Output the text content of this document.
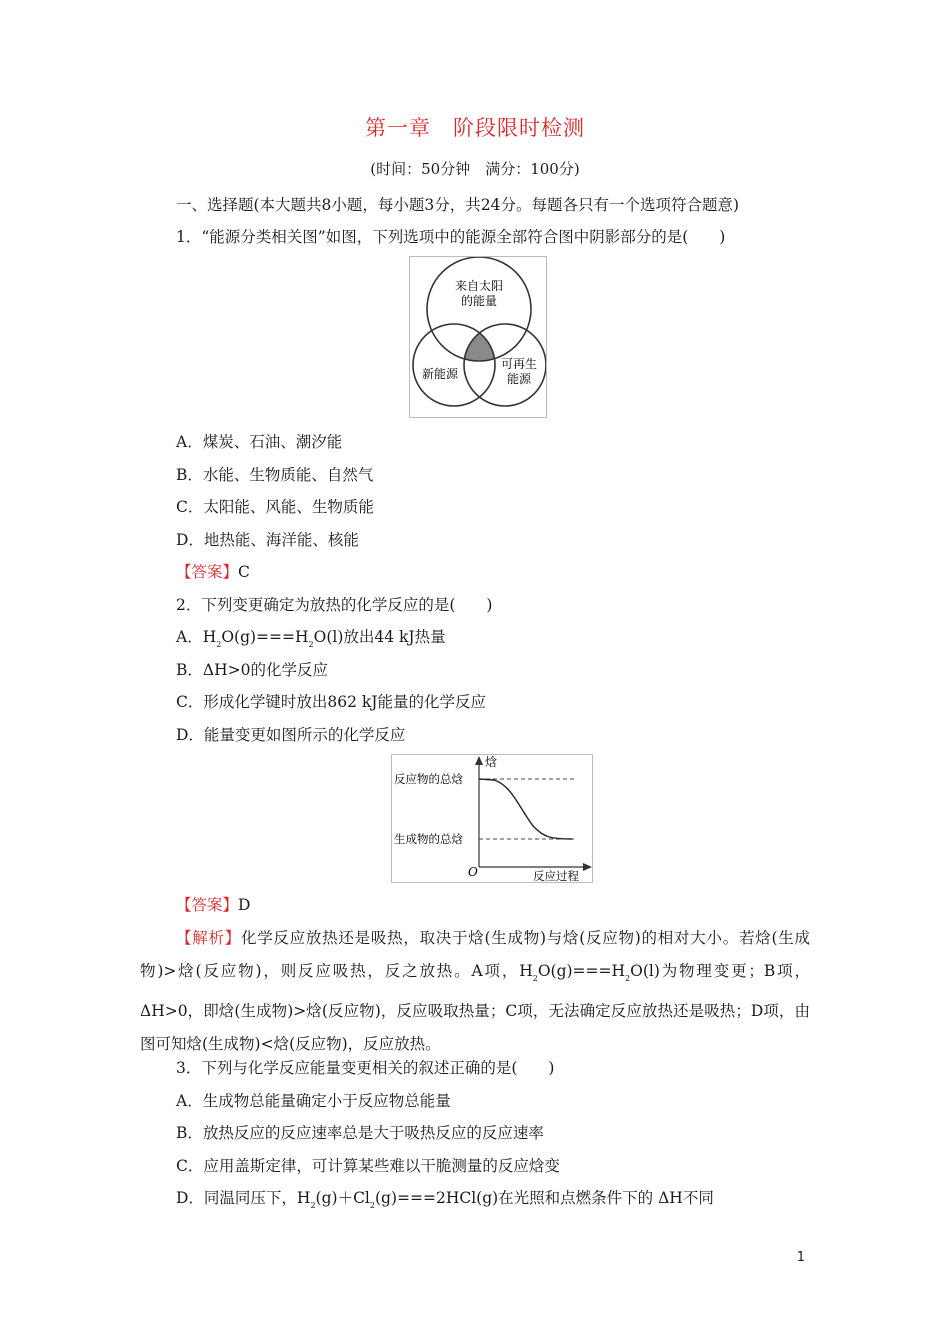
第一章　阶段限时检测
(时间：50分钟　满分：100分)
一、选择题(本大题共8小题，每小题3分，共24分。每题各只有一个选项符合题意)
1．“能源分类相关图”如图，下列选项中的能源全部符合图中阴影部分的是(　　)
来自太阳
的能量
新能源
可再生
能源
A．煤炭、石油、潮汐能
B．水能、生物质能、自然气
C．太阳能、风能、生物质能
D．地热能、海洋能、核能
【答案】C
2．下列变更确定为放热的化学反应的是(　　)
A．$H_2O(g)===H_2O(l)$放出44 kJ热量
B．ΔH>0的化学反应
C．形成化学键时放出862 kJ能量的化学反应
D．能量变更如图所示的化学反应
焓
反应物的总焓
生成物的总焓
O	反应过程
【答案】D
【解析】化学反应放热还是吸热，取决于焓(生成物)与焓(反应物)的相对大小。若焓(生成物)>焓(反应物)，则反应吸热，反之放热。A项，$H_2O(g)===H_2O(l)$为物理变更；B项，ΔH>0，即焓(生成物)>焓(反应物)，反应吸取热量；C项，无法确定反应放热还是吸热；D项，由图可知焓(生成物)<焓(反应物)，反应放热。
3．下列与化学反应能量变更相关的叙述正确的是(　　)
A．生成物总能量确定小于反应物总能量
B．放热反应的反应速率总是大于吸热反应的反应速率
C．应用盖斯定律，可计算某些难以干脆测量的反应焓变
D．同温同压下，$H_2(g)+Cl_2(g)===2HCl(g)$在光照和点燃条件下的 ΔH不同
1
